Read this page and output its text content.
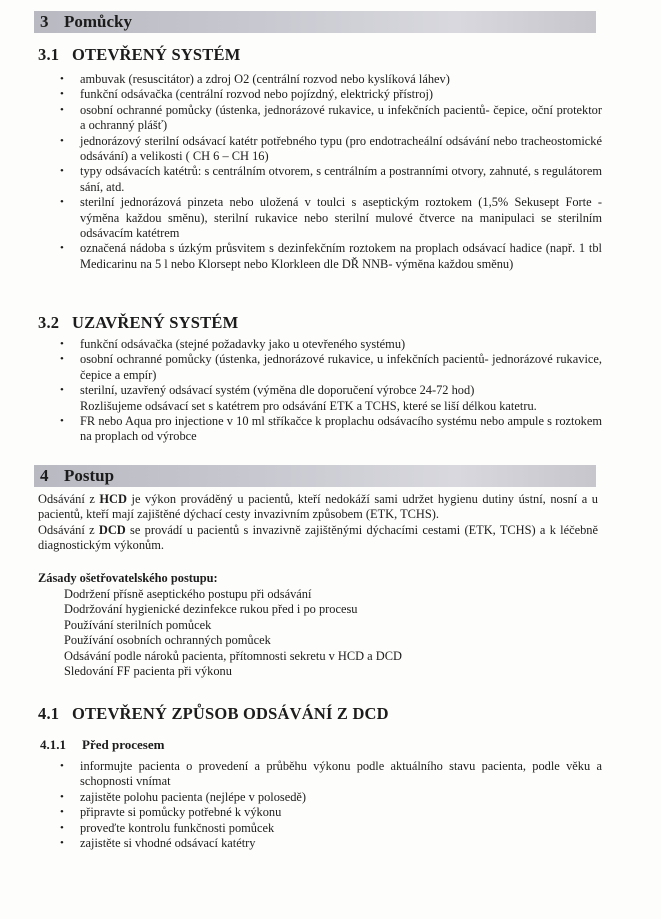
3 Pomůcky
3.1 OTEVŘENÝ SYSTÉM
• ambuvak (resuscitátor) a zdroj O2 (centrální rozvod nebo kyslíková láhev)
• funkční odsávačka (centrální rozvod nebo pojízdný, elektrický přístroj)
• osobní ochranné pomůcky (ústenka, jednorázové rukavice, u infekčních pacientů- čepice, oční protektor a ochranný plášť)
• jednorázový sterilní odsávací katétr potřebného typu (pro endotracheální odsávání nebo tracheostomické odsávání) a velikosti ( CH 6 – CH 16)
• typy odsávacích katétrů: s centrálním otvorem, s centrálním a postranními otvory, zahnuté, s regulátorem sání, atd.
• sterilní jednorázová pinzeta nebo uložená v toulci s aseptickým roztokem (1,5% Sekusept Forte - výměna každou směnu), sterilní rukavice nebo sterilní mulové čtverce na manipulaci se sterilním odsávacím katétrem
• označená nádoba s úzkým průsvitem s dezinfekčním roztokem na proplach odsávací hadice (např. 1 tbl Medicarinu na 5 l nebo Klorsept nebo Klorkleen dle DŘ NNB- výměna každou směnu)
3.2 UZAVŘENÝ SYSTÉM
• funkční odsávačka (stejné požadavky jako u otevřeného systému)
• osobní ochranné pomůcky (ústenka, jednorázové rukavice, u infekčních pacientů- jednorázové rukavice, čepice a empír)
• sterilní, uzavřený odsávací systém (výměna dle doporučení výrobce 24-72 hod)
Rozlišujeme odsávací set s katétrem pro odsávání ETK a TCHS, které se liší délkou katetru.
• FR nebo Aqua pro injectione v 10 ml stříkačce k proplachu odsávacího systému nebo ampule s roztokem na proplach od výrobce
4 Postup

Odsávání z HCD je výkon prováděný u pacientů, kteří nedokáží sami udržet hygienu dutiny ústní, nosní a u pacientů, kteří mají zajištěné dýchací cesty invazivním způsobem (ETK, TCHS).

Odsávání z DCD se provádí u pacientů s invazivně zajištěnými dýchacími cestami (ETK, TCHS) a k léčebně diagnostickým výkonům.

Zásady ošetřovatelského postupu:
Dodržení přísně aseptického postupu při odsávání
Dodržování hygienické dezinfekce rukou před i po procesu
Používání sterilních pomůcek
Používání osobních ochranných pomůcek
Odsávání podle nároků pacienta, přítomnosti sekretu v HCD a DCD
Sledování FF pacienta při výkonu
4.1 OTEVŘENÝ ZPŮSOB ODSÁVÁNÍ Z DCD
4.1.1 Před procesem
• informujte pacienta o provedení a průběhu výkonu podle aktuálního stavu pacienta, podle věku a schopnosti vnímat
• zajistěte polohu pacienta (nejlépe v polosedě)
• připravte si pomůcky potřebné k výkonu
• proveďte kontrolu funkčnosti pomůcek
• zajistěte si vhodné odsávací katétry
